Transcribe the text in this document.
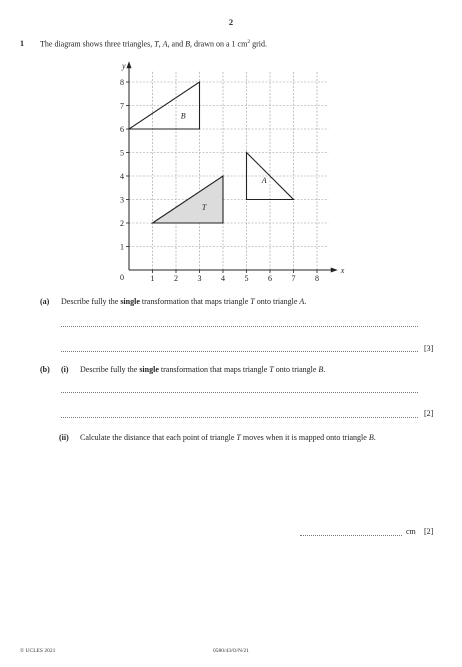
2
1 The diagram shows three triangles, T, A, and B, drawn on a 1 $cm^2$ grid.
T
A
B
1 2 3 4 5 6 7 8
1
2
3
4
5
6
7
8
0
x
y
(a) Describe fully the single transformation that maps triangle T onto triangle A.
[3]
(b) (i) Describe fully the single transformation that maps triangle T onto triangle B.
[2]
(ii) Calculate the distance that each point of triangle T moves when it is mapped onto triangle B.
cm [2]
© UCLES 2021	0580/43/O/N/21
